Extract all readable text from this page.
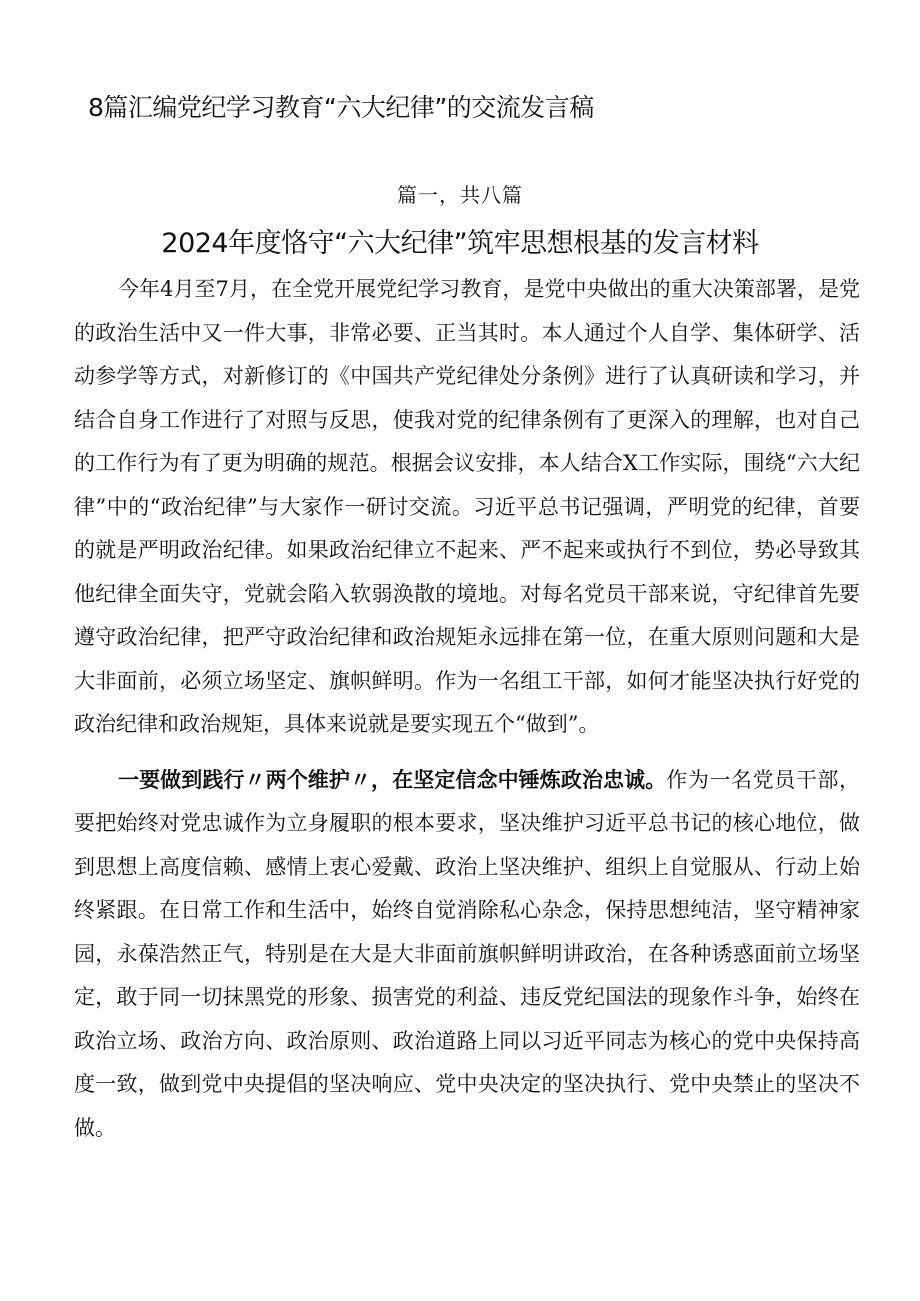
8篇汇编党纪学习教育“六大纪律”的交流发言稿
篇一，共八篇
2024年度恪守“六大纪律”筑牢思想根基的发言材料

今年4月至7月，在全党开展党纪学习教育，是党中央做出的重大决策部署，是党的政治生活中又一件大事，非常必要、正当其时。本人通过个人自学、集体研学、活动参学等方式，对新修订的《中国共产党纪律处分条例》进行了认真研读和学习，并结合自身工作进行了对照与反思，使我对党的纪律条例有了更深入的理解，也对自己的工作行为有了更为明确的规范。根据会议安排，本人结合X工作实际，围绕“六大纪律”中的“政治纪律”与大家作一研讨交流。习近平总书记强调，严明党的纪律，首要的就是严明政治纪律。如果政治纪律立不起来、严不起来或执行不到位，势必导致其他纪律全面失守，党就会陷入软弱涣散的境地。对每名党员干部来说，守纪律首先要遵守政治纪律，把严守政治纪律和政治规矩永远排在第一位，在重大原则问题和大是大非面前，必须立场坚定、旗帜鲜明。作为一名组工干部，如何才能坚决执行好党的政治纪律和政治规矩，具体来说就是要实现五个“做到”。

一要做到践行〃两个维护〃，在坚定信念中锤炼政治忠诚。作为一名党员干部，要把始终对党忠诚作为立身履职的根本要求，坚决维护习近平总书记的核心地位，做到思想上高度信赖、感情上衷心爱戴、政治上坚决维护、组织上自觉服从、行动上始终紧跟。在日常工作和生活中，始终自觉消除私心杂念，保持思想纯洁，坚守精神家园，永葆浩然正气，特别是在大是大非面前旗帜鲜明讲政治，在各种诱惑面前立场坚定，敢于同一切抹黑党的形象、损害党的利益、违反党纪国法的现象作斗争，始终在政治立场、政治方向、政治原则、政治道路上同以习近平同志为核心的党中央保持高度一致，做到党中央提倡的坚决响应、党中央决定的坚决执行、党中央禁止的坚决不做。
